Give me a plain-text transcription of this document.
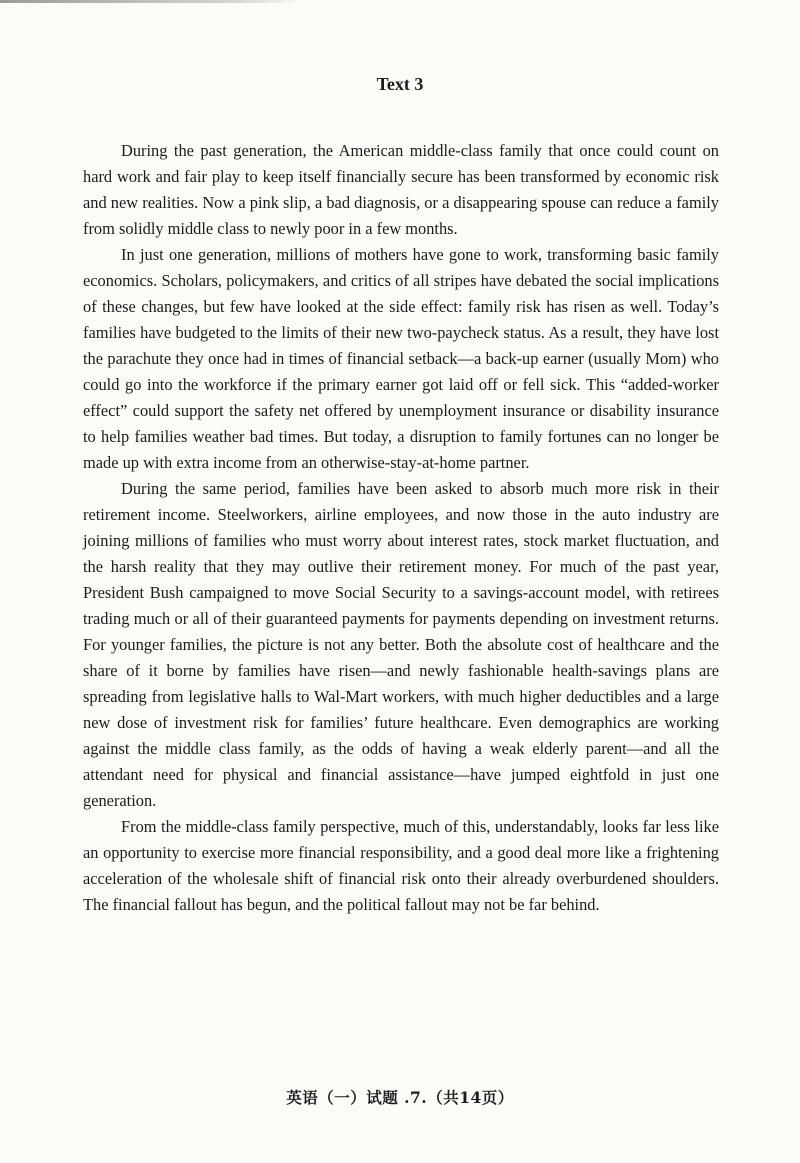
Text 3

During the past generation, the American middle-class family that once could count on hard work and fair play to keep itself financially secure has been transformed by economic risk and new realities. Now a pink slip, a bad diagnosis, or a disappearing spouse can reduce a family from solidly middle class to newly poor in a few months.

In just one generation, millions of mothers have gone to work, transforming basic family economics. Scholars, policymakers, and critics of all stripes have debated the social implications of these changes, but few have looked at the side effect: family risk has risen as well. Today’s families have budgeted to the limits of their new two-paycheck status. As a result, they have lost the parachute they once had in times of financial setback—a back-up earner (usually Mom) who could go into the workforce if the primary earner got laid off or fell sick. This “added-worker effect” could support the safety net offered by unemployment insurance or disability insurance to help families weather bad times. But today, a disruption to family fortunes can no longer be made up with extra income from an otherwise-stay-at-home partner.

During the same period, families have been asked to absorb much more risk in their retirement income. Steelworkers, airline employees, and now those in the auto industry are joining millions of families who must worry about interest rates, stock market fluctuation, and the harsh reality that they may outlive their retirement money. For much of the past year, President Bush campaigned to move Social Security to a savings-account model, with retirees trading much or all of their guaranteed payments for payments depending on investment returns. For younger families, the picture is not any better. Both the absolute cost of healthcare and the share of it borne by families have risen—and newly fashionable health-savings plans are spreading from legislative halls to Wal-Mart workers, with much higher deductibles and a large new dose of investment risk for families’ future healthcare. Even demographics are working against the middle class family, as the odds of having a weak elderly parent—and all the attendant need for physical and financial assistance—have jumped eightfold in just one generation.

From the middle-class family perspective, much of this, understandably, looks far less like an opportunity to exercise more financial responsibility, and a good deal more like a frightening acceleration of the wholesale shift of financial risk onto their already overburdened shoulders. The financial fallout has begun, and the political fallout may not be far behind.

英语（一）试题 .7.（共14页）
